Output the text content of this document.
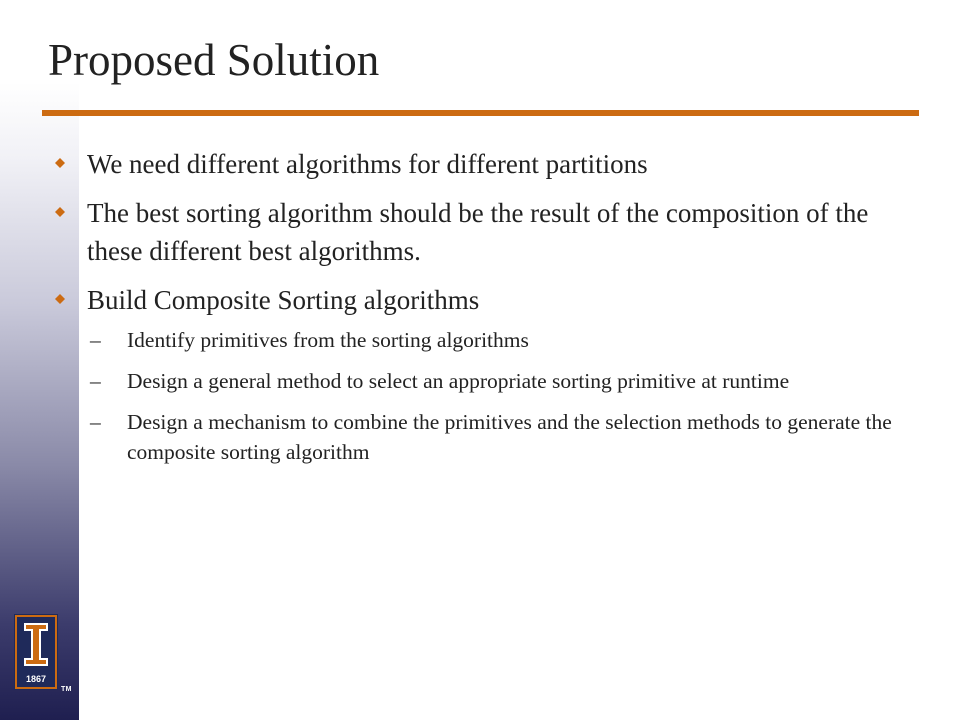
Proposed Solution
We need different algorithms for different partitions
The best sorting algorithm should be the result of the composition of the these different best algorithms.
Build Composite Sorting algorithms
– Identify primitives from the sorting algorithms
– Design a general method to select an appropriate sorting primitive at runtime
– Design a mechanism to combine the primitives and the selection methods to generate the composite sorting algorithm
1867
TM
